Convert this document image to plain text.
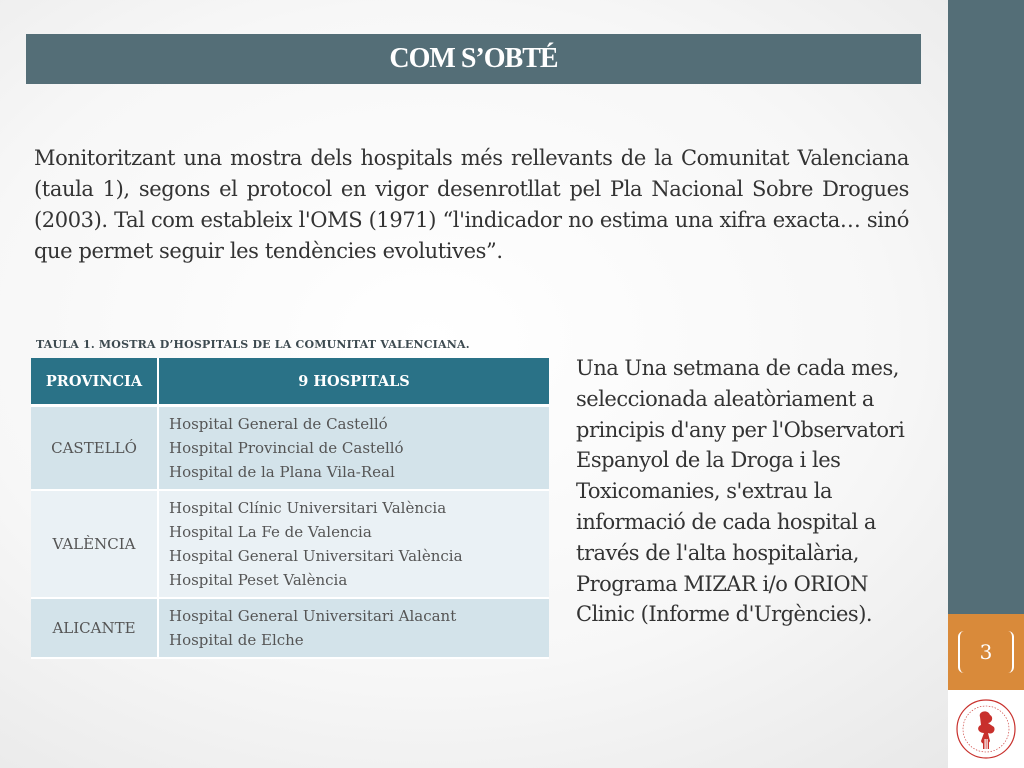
COM S’OBTÉ
3
Monitoritzant una mostra dels hospitals més rellevants de la Comunitat Valenciana (taula 1), segons el protocol en vigor desenrotllat pel Pla Nacional Sobre Drogues (2003). Tal com estableix l'OMS (1971) “l'indicador no estima una xifra exacta… sinó que permet seguir les tendències evolutives”.
TAULA 1. MOSTRA D’HOSPITALS DE LA COMUNITAT VALENCIANA.
PROVINCIA	9 HOSPITALS
CASTELLÓ	Hospital General de Castelló
Hospital Provincial de Castelló
Hospital de la Plana Vila-Real

VALÈNCIA	Hospital Clínic Universitari València
Hospital La Fe de Valencia
Hospital General Universitari València
Hospital Peset València

ALICANTE	Hospital General Universitari Alacant
Hospital de Elche
Una Una setmana de cada mes, seleccionada aleatòriament a principis d'any per l'Observatori Espanyol de la Droga i les Toxicomanies, s'extrau la informació de cada hospital a través de l'alta hospitalària, Programa MIZAR i/o ORION Clinic (Informe d'Urgències).
